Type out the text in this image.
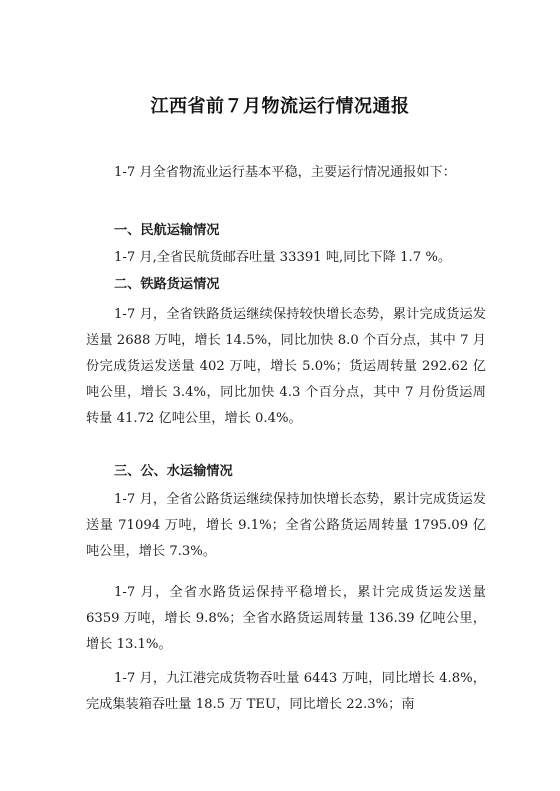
江西省前７月物流运行情况通报
1-7 月全省物流业运行基本平稳，主要运行情况通报如下：
一、民航运输情况
1-7 月,全省民航货邮吞吐量 33391 吨,同比下降 1.7 %。
二、铁路货运情况
1-7 月，全省铁路货运继续保持较快增长态势，累计完成货运发送量 2688 万吨，增长 14.5%，同比加快 8.0 个百分点，其中 7 月份完成货运发送量 402 万吨，增长 5.0%；货运周转量 292.62 亿吨公里，增长 3.4%，同比加快 4.3 个百分点，其中 7 月份货运周转量 41.72 亿吨公里，增长 0.4%。
三、公、水运输情况
1-7 月，全省公路货运继续保持加快增长态势，累计完成货运发送量 71094 万吨，增长 9.1%；全省公路货运周转量 1795.09 亿吨公里，增长 7.3%。
1-7 月，全省水路货运保持平稳增长，累计完成货运发送量 6359 万吨，增长 9.8%；全省水路货运周转量 136.39 亿吨公里，增长 13.1%。
1-7 月，九江港完成货物吞吐量 6443 万吨，同比增长 4.8%，完成集装箱吞吐量 18.5 万 TEU，同比增长 22.3%；南
